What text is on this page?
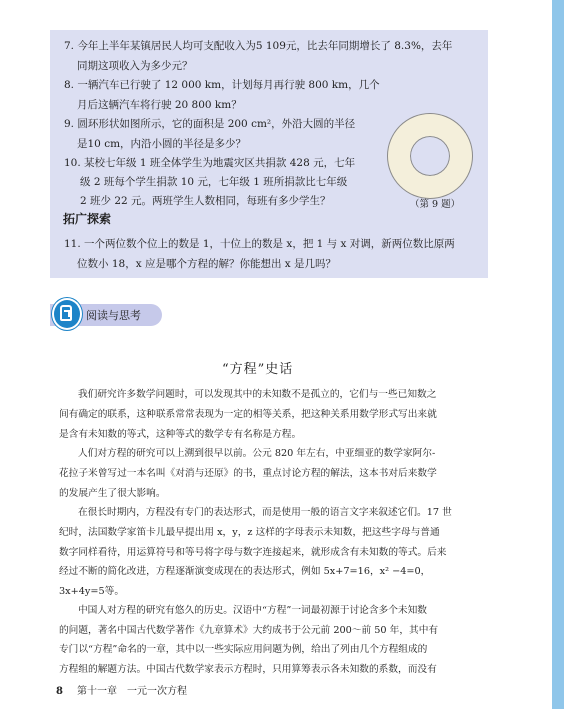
7. 今年上半年某镇居民人均可支配收入为5 109元，比去年同期增长了 8.3%，去年
同期这项收入为多少元？
8. 一辆汽车已行驶了 12 000 km，计划每月再行驶 800 km，几个
月后这辆汽车将行驶 20 800 km？
9. 圆环形状如图所示，它的面积是 200 cm²，外沿大圆的半径
是10 cm，内沿小圆的半径是多少？
10. 某校七年级 1 班全体学生为地震灾区共捐款 428 元，七年
级 2 班每个学生捐款 10 元，七年级 1 班所捐款比七年级
2 班少 22 元。两班学生人数相同，每班有多少学生？	（第 9 题）
拓广探索
11. 一个两位数个位上的数是 1，十位上的数是 x，把 1 与 x 对调，新两位数比原两
位数小 18，x 应是哪个方程的解？你能想出 x 是几吗？
阅读与思考
“方程”史话
我们研究许多数学问题时，可以发现其中的未知数不是孤立的，它们与一些已知数之
间有确定的联系，这种联系常常表现为一定的相等关系，把这种关系用数学形式写出来就
是含有未知数的等式，这种等式的数学专有名称是方程。
人们对方程的研究可以上溯到很早以前。公元 820 年左右，中亚细亚的数学家阿尔-
花拉子米曾写过一本名叫《对消与还原》的书，重点讨论方程的解法，这本书对后来数学
的发展产生了很大影响。
在很长时期内，方程没有专门的表达形式，而是使用一般的语言文字来叙述它们。17 世
纪时，法国数学家笛卡儿最早提出用 x，y，z 这样的字母表示未知数，把这些字母与普通
数字同样看待，用运算符号和等号将字母与数字连接起来，就形成含有未知数的等式。后来
经过不断的简化改进，方程逐渐演变成现在的表达形式，例如 5x+7=16，x² −4=0，
3x+4y=5等。
中国人对方程的研究有悠久的历史。汉语中“方程”一词最初源于讨论含多个未知数
的问题，著名中国古代数学著作《九章算术》大约成书于公元前 200～前 50 年，其中有
专门以“方程”命名的一章，其中以一些实际应用问题为例，给出了列由几个方程组成的
方程组的解题方法。中国古代数学家表示方程时，只用算筹表示各未知数的系数，而没有
8 第十一章　一元一次方程
